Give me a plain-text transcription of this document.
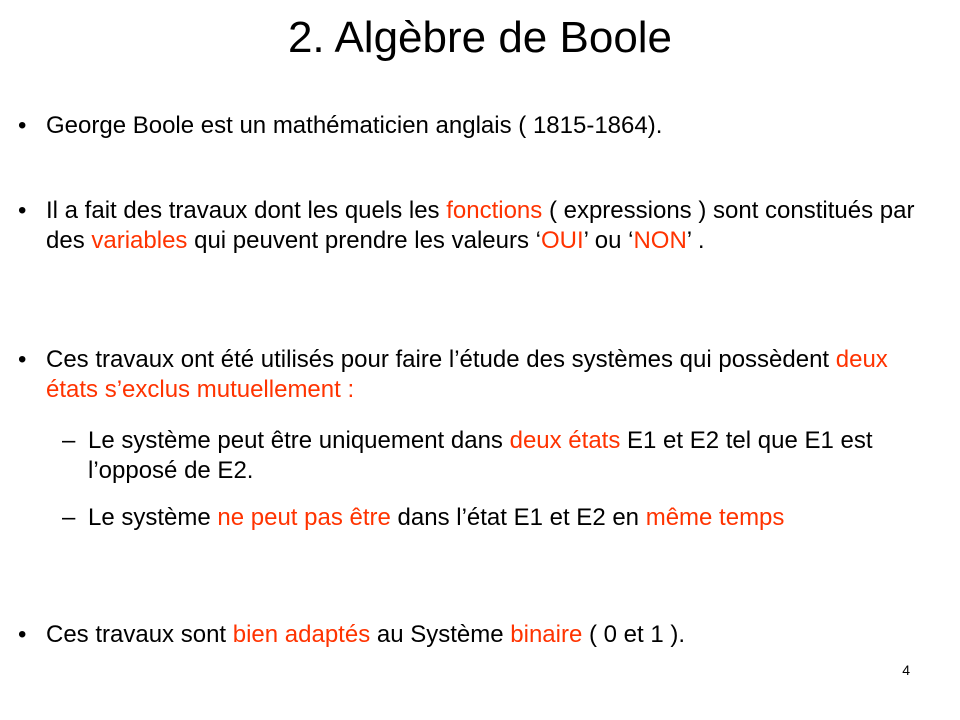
2. Algèbre de Boole
• George Boole est un mathématicien anglais ( 1815-1864).
• Il a fait des travaux dont les quels les fonctions ( expressions ) sont constitués par des variables qui peuvent prendre les valeurs ‘OUI’ ou ‘NON’ .
• Ces travaux ont été utilisés pour faire l’étude des systèmes qui possèdent deux états s’exclus mutuellement :
– Le système peut être uniquement dans deux états E1 et E2 tel que E1 est l’opposé de E2.
– Le système ne peut pas être dans l’état E1 et E2 en même temps
• Ces travaux sont bien adaptés au Système binaire ( 0 et 1 ).
4
